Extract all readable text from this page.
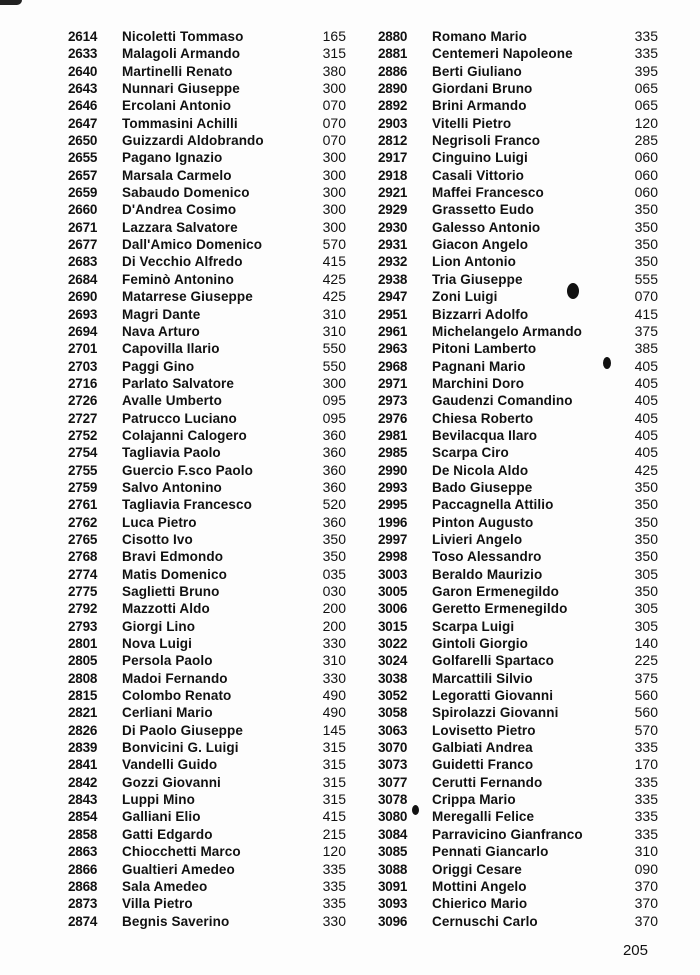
2614	Nicoletti Tommaso	165
2633	Malagoli Armando	315
2640	Martinelli Renato	380
2643	Nunnari Giuseppe	300
2646	Ercolani Antonio	070
2647	Tommasini Achilli	070
2650	Guizzardi Aldobrando	070
2655	Pagano Ignazio	300
2657	Marsala Carmelo	300
2659	Sabaudo Domenico	300
2660	D'Andrea Cosimo	300
2671	Lazzara Salvatore	300
2677	Dall'Amico Domenico	570
2683	Di Vecchio Alfredo	415
2684	Feminò Antonino	425
2690	Matarrese Giuseppe	425
2693	Magri Dante	310
2694	Nava Arturo	310
2701	Capovilla Ilario	550
2703	Paggi Gino	550
2716	Parlato Salvatore	300
2726	Avalle Umberto	095
2727	Patrucco Luciano	095
2752	Colajanni Calogero	360
2754	Tagliavia Paolo	360
2755	Guercio F.sco Paolo	360
2759	Salvo Antonino	360
2761	Tagliavia Francesco	520
2762	Luca Pietro	360
2765	Cisotto Ivo	350
2768	Bravi Edmondo	350
2774	Matis Domenico	035
2775	Saglietti Bruno	030
2792	Mazzotti Aldo	200
2793	Giorgi Lino	200
2801	Nova Luigi	330
2805	Persola Paolo	310
2808	Madoi Fernando	330
2815	Colombo Renato	490
2821	Cerliani Mario	490
2826	Di Paolo Giuseppe	145
2839	Bonvicini G. Luigi	315
2841	Vandelli Guido	315
2842	Gozzi Giovanni	315
2843	Luppi Mino	315
2854	Galliani Elio	415
2858	Gatti Edgardo	215
2863	Chiocchetti Marco	120
2866	Gualtieri Amedeo	335
2868	Sala Amedeo	335
2873	Villa Pietro	335
2874	Begnis Saverino	330
2880	Romano Mario	335
2881	Centemeri Napoleone	335
2886	Berti Giuliano	395
2890	Giordani Bruno	065
2892	Brini Armando	065
2903	Vitelli Pietro	120
2812	Negrisoli Franco	285
2917	Cinguino Luigi	060
2918	Casali Vittorio	060
2921	Maffei Francesco	060
2929	Grassetto Eudo	350
2930	Galesso Antonio	350
2931	Giacon Angelo	350
2932	Lion Antonio	350
2938	Tria Giuseppe	555
2947	Zoni Luigi	070
2951	Bizzarri Adolfo	415
2961	Michelangelo Armando	375
2963	Pitoni Lamberto	385
2968	Pagnani Mario	405
2971	Marchini Doro	405
2973	Gaudenzi Comandino	405
2976	Chiesa Roberto	405
2981	Bevilacqua Ilaro	405
2985	Scarpa Ciro	405
2990	De Nicola Aldo	425
2993	Bado Giuseppe	350
2995	Paccagnella Attilio	350
1996	Pinton Augusto	350
2997	Livieri Angelo	350
2998	Toso Alessandro	350
3003	Beraldo Maurizio	305
3005	Garon Ermenegildo	350
3006	Geretto Ermenegildo	305
3015	Scarpa Luigi	305
3022	Gintoli Giorgio	140
3024	Golfarelli Spartaco	225
3038	Marcattili Silvio	375
3052	Legoratti Giovanni	560
3058	Spirolazzi Giovanni	560
3063	Lovisetto Pietro	570
3070	Galbiati Andrea	335
3073	Guidetti Franco	170
3077	Cerutti Fernando	335
3078	Crippa Mario	335
3080	Meregalli Felice	335
3084	Parravicino Gianfranco	335
3085	Pennati Giancarlo	310
3088	Origgi Cesare	090
3091	Mottini Angelo	370
3093	Chierico Mario	370
3096	Cernuschi Carlo	370
205
